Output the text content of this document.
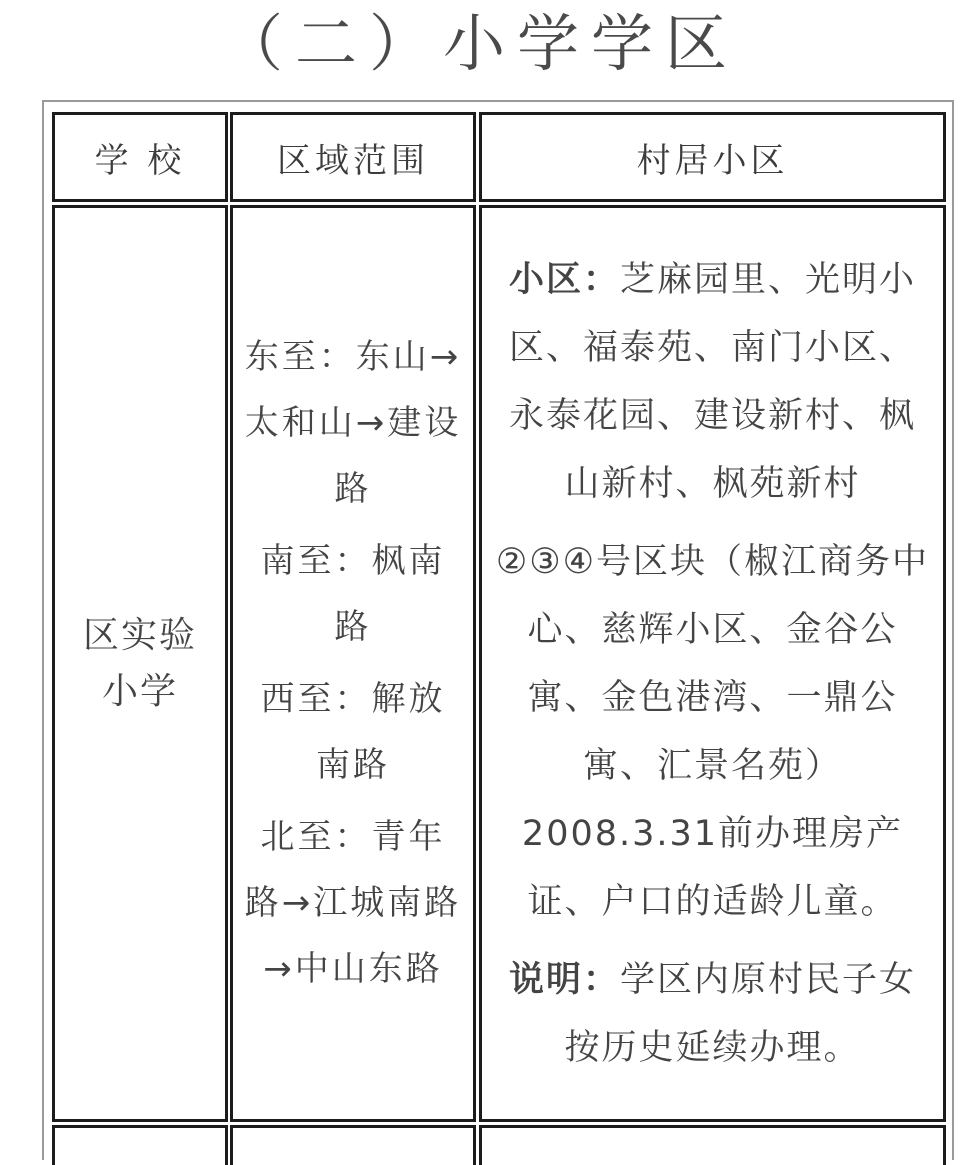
（二）小学学区
学 校	区域范围	村居小区
区实验小学
东至：东山→太和山→建设路
南至：枫南路
西至：解放南路
北至：青年路→江城南路→中山东路
小区：芝麻园里、光明小区、福泰苑、南门小区、永泰花园、建设新村、枫山新村、枫苑新村
②③④号区块（椒江商务中心、慈辉小区、金谷公寓、金色港湾、一鼎公寓、汇景名苑）2008.3.31前办理房产证、户口的适龄儿童。
说明：学区内原村民子女按历史延续办理。
